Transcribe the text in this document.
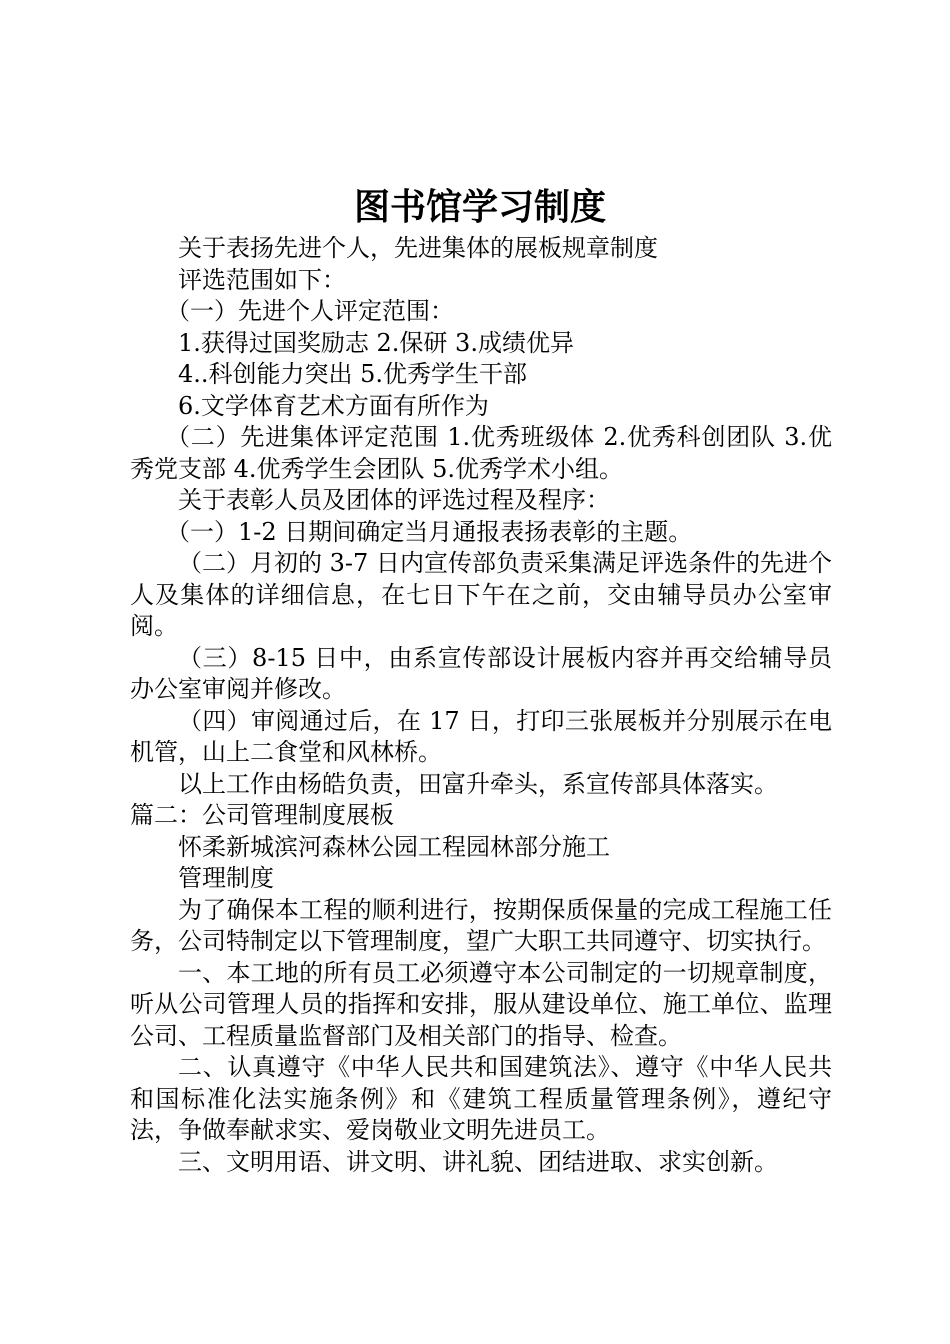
图书馆学习制度

关于表扬先进个人，先进集体的展板规章制度

评选范围如下：

（一）先进个人评定范围：

1.获得过国奖励志 2.保研 3.成绩优异

4..科创能力突出 5.优秀学生干部

6.文学体育艺术方面有所作为

（二）先进集体评定范围 1.优秀班级体 2.优秀科创团队 3.优秀党支部 4.优秀学生会团队 5.优秀学术小组。

关于表彰人员及团体的评选过程及程序：

（一）1-2 日期间确定当月通报表扬表彰的主题。

（二）月初的 3-7 日内宣传部负责采集满足评选条件的先进个人及集体的详细信息，在七日下午在之前，交由辅导员办公室审阅。

（三）8-15 日中，由系宣传部设计展板内容并再交给辅导员办公室审阅并修改。

（四）审阅通过后，在 17 日，打印三张展板并分别展示在电机管，山上二食堂和风林桥。

以上工作由杨皓负责，田富升牵头，系宣传部具体落实。

篇二：公司管理制度展板

怀柔新城滨河森林公园工程园林部分施工

管理制度

为了确保本工程的顺利进行，按期保质保量的完成工程施工任务，公司特制定以下管理制度，望广大职工共同遵守、切实执行。

一、本工地的所有员工必须遵守本公司制定的一切规章制度，听从公司管理人员的指挥和安排，服从建设单位、施工单位、监理公司、工程质量监督部门及相关部门的指导、检查。

二、认真遵守《中华人民共和国建筑法》、遵守《中华人民共和国标准化法实施条例》和《建筑工程质量管理条例》，遵纪守法，争做奉献求实、爱岗敬业文明先进员工。

三、文明用语、讲文明、讲礼貌、团结进取、求实创新。
